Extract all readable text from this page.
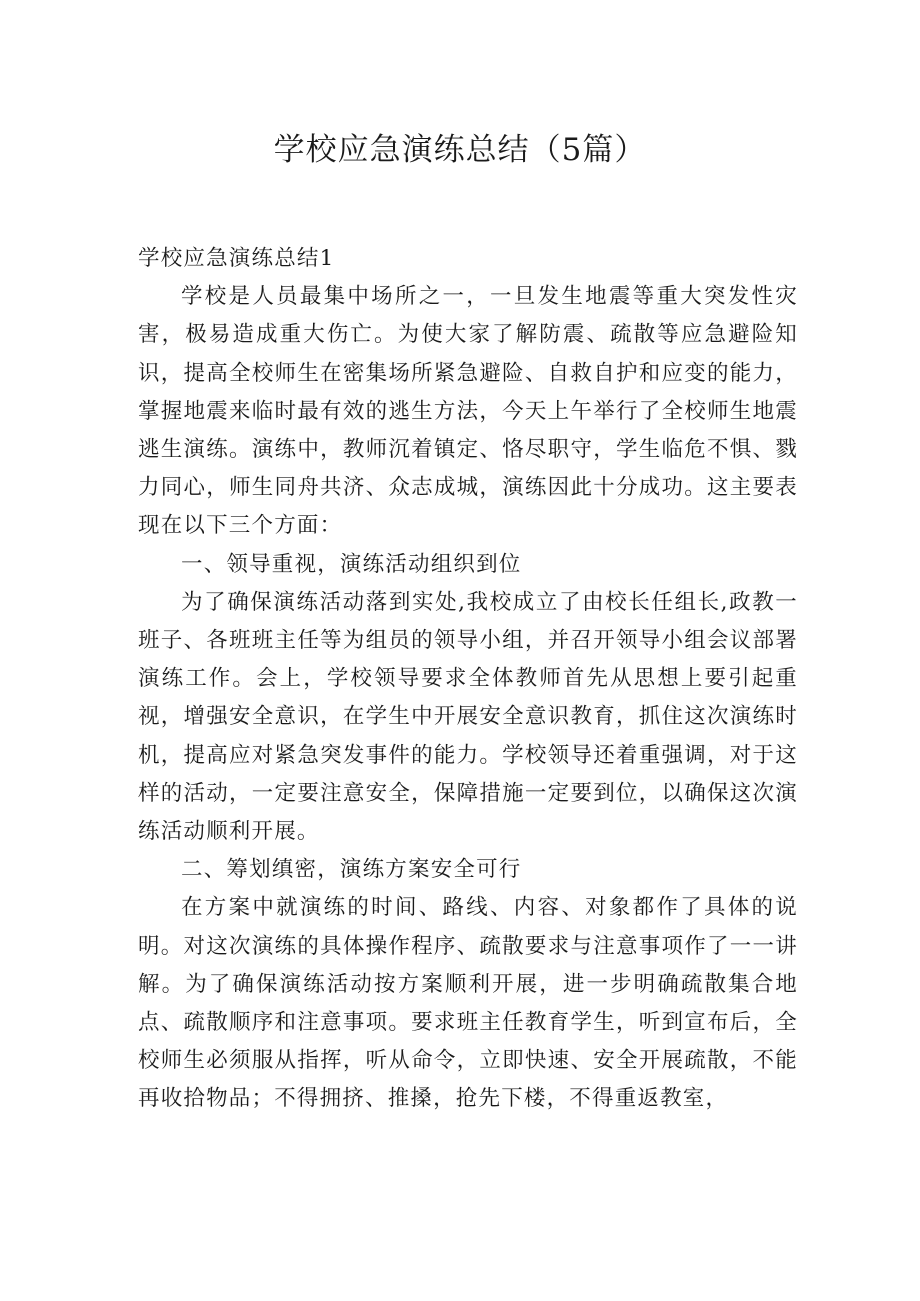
学校应急演练总结（5篇）

学校应急演练总结1

学校是人员最集中场所之一，一旦发生地震等重大突发性灾害，极易造成重大伤亡。为使大家了解防震、疏散等应急避险知识，提高全校师生在密集场所紧急避险、自救自护和应变的能力，掌握地震来临时最有效的逃生方法，今天上午举行了全校师生地震逃生演练。演练中，教师沉着镇定、恪尽职守，学生临危不惧、戮力同心，师生同舟共济、众志成城，演练因此十分成功。这主要表现在以下三个方面：

一、领导重视，演练活动组织到位

为了确保演练活动落到实处,我校成立了由校长任组长,政教一班子、各班班主任等为组员的领导小组，并召开领导小组会议部署演练工作。会上，学校领导要求全体教师首先从思想上要引起重视，增强安全意识，在学生中开展安全意识教育，抓住这次演练时机，提高应对紧急突发事件的能力。学校领导还着重强调，对于这样的活动，一定要注意安全，保障措施一定要到位，以确保这次演练活动顺利开展。

二、筹划缜密，演练方案安全可行

在方案中就演练的时间、路线、内容、对象都作了具体的说明。对这次演练的具体操作程序、疏散要求与注意事项作了一一讲解。为了确保演练活动按方案顺利开展，进一步明确疏散集合地点、疏散顺序和注意事项。要求班主任教育学生，听到宣布后，全校师生必须服从指挥，听从命令，立即快速、安全开展疏散，不能再收拾物品；不得拥挤、推搡，抢先下楼，不得重返教室，
